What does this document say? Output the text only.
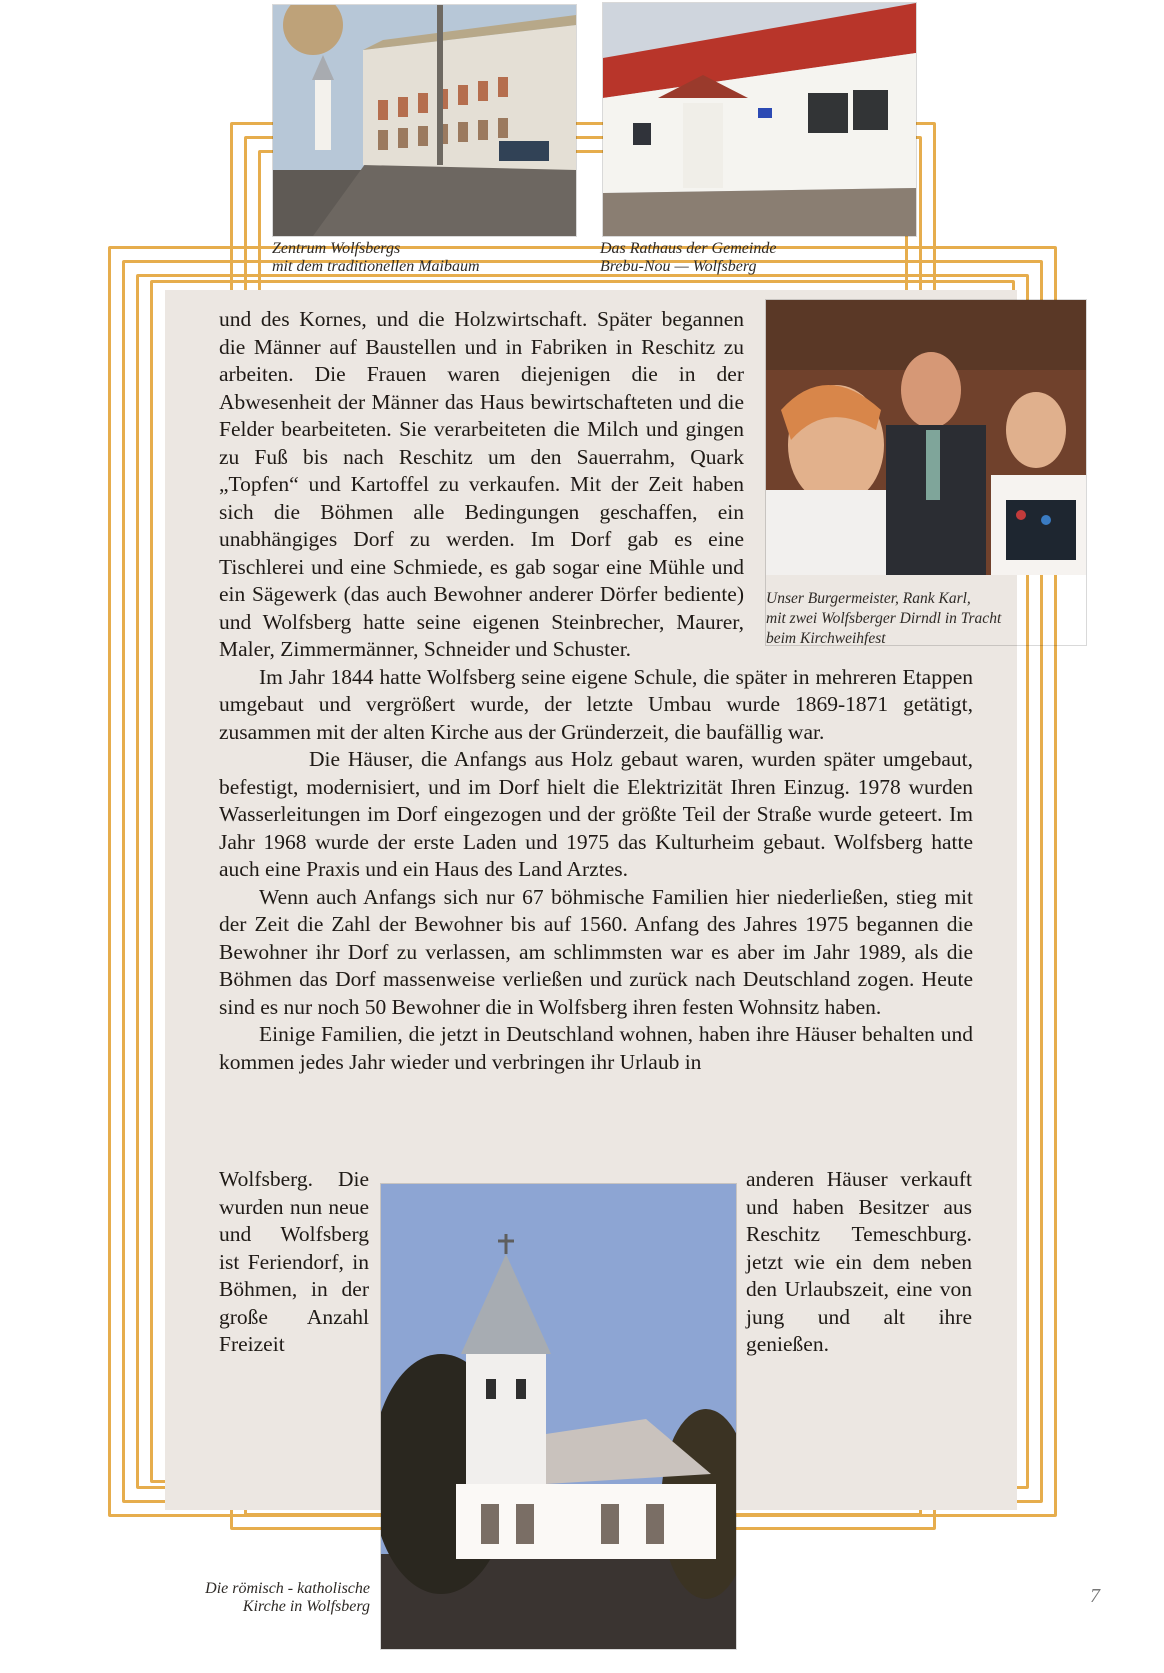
Zentrum Wolfsbergs
mit dem traditionellen Maibaum
Das Rathaus der Gemeinde
Brebu-Nou — Wolfsberg
Unser Burgermeister, Rank Karl,
mit zwei Wolfsberger Dirndl in Tracht
beim Kirchweihfest

und des Kornes, und die Holzwirtschaft. Später begannen die Männer auf Baustellen und in Fabriken in Reschitz zu arbeiten. Die Frauen waren diejenigen die in der Abwesenheit der Männer das Haus bewirtschafteten und die Felder bearbeiteten. Sie verarbeiteten die Milch und gingen zu Fuß bis nach Reschitz um den Sauerrahm, Quark „Topfen“ und Kartoffel zu verkaufen. Mit der Zeit haben sich die Böhmen alle Bedingungen geschaffen, ein unabhängiges Dorf zu werden. Im Dorf gab es eine Tischlerei und eine Schmiede, es gab sogar eine Mühle und ein Sägewerk (das auch Bewohner anderer Dörfer bediente) und Wolfsberg hatte seine eigenen Steinbrecher, Maurer, Maler, Zimmermänner, Schneider und Schuster.

Im Jahr 1844 hatte Wolfsberg seine eigene Schule, die später in mehreren Etappen umgebaut und vergrößert wurde, der letzte Umbau wurde 1869-1871 getätigt, zusammen mit der alten Kirche aus der Gründerzeit, die baufällig war.

Die Häuser, die Anfangs aus Holz gebaut waren, wurden später umgebaut, befestigt, modernisiert, und im Dorf hielt die Elektrizität Ihren Einzug. 1978 wurden Wasserleitungen im Dorf eingezogen und der größte Teil der Straße wurde geteert. Im Jahr 1968 wurde der erste Laden und 1975 das Kulturheim gebaut. Wolfsberg hatte auch eine Praxis und ein Haus des Land Arztes.

Wenn auch Anfangs sich nur 67 böhmische Familien hier niederließen, stieg mit der Zeit die Zahl der Bewohner bis auf 1560. Anfang des Jahres 1975 begannen die Bewohner ihr Dorf zu verlassen, am schlimmsten war es aber im Jahr 1989, als die Böhmen das Dorf massenweise verließen und zurück nach Deutschland zogen. Heute sind es nur noch 50 Bewohner die in Wolfsberg ihren festen Wohnsitz haben.

Einige Familien, die jetzt in Deutschland wohnen, haben ihre Häuser behalten und kommen jedes Jahr wieder und verbringen ihr Urlaub in

Wolfsberg. Die wurden nun neue und Wolfsberg ist Feriendorf, in Böhmen, in der große Anzahl Freizeit
anderen Häuser verkauft und haben Besitzer aus Reschitz Temeschburg. jetzt wie ein dem neben den Urlaubszeit, eine von jung und alt ihre genießen.
Die römisch - katholische
Kirche in Wolfsberg	7
